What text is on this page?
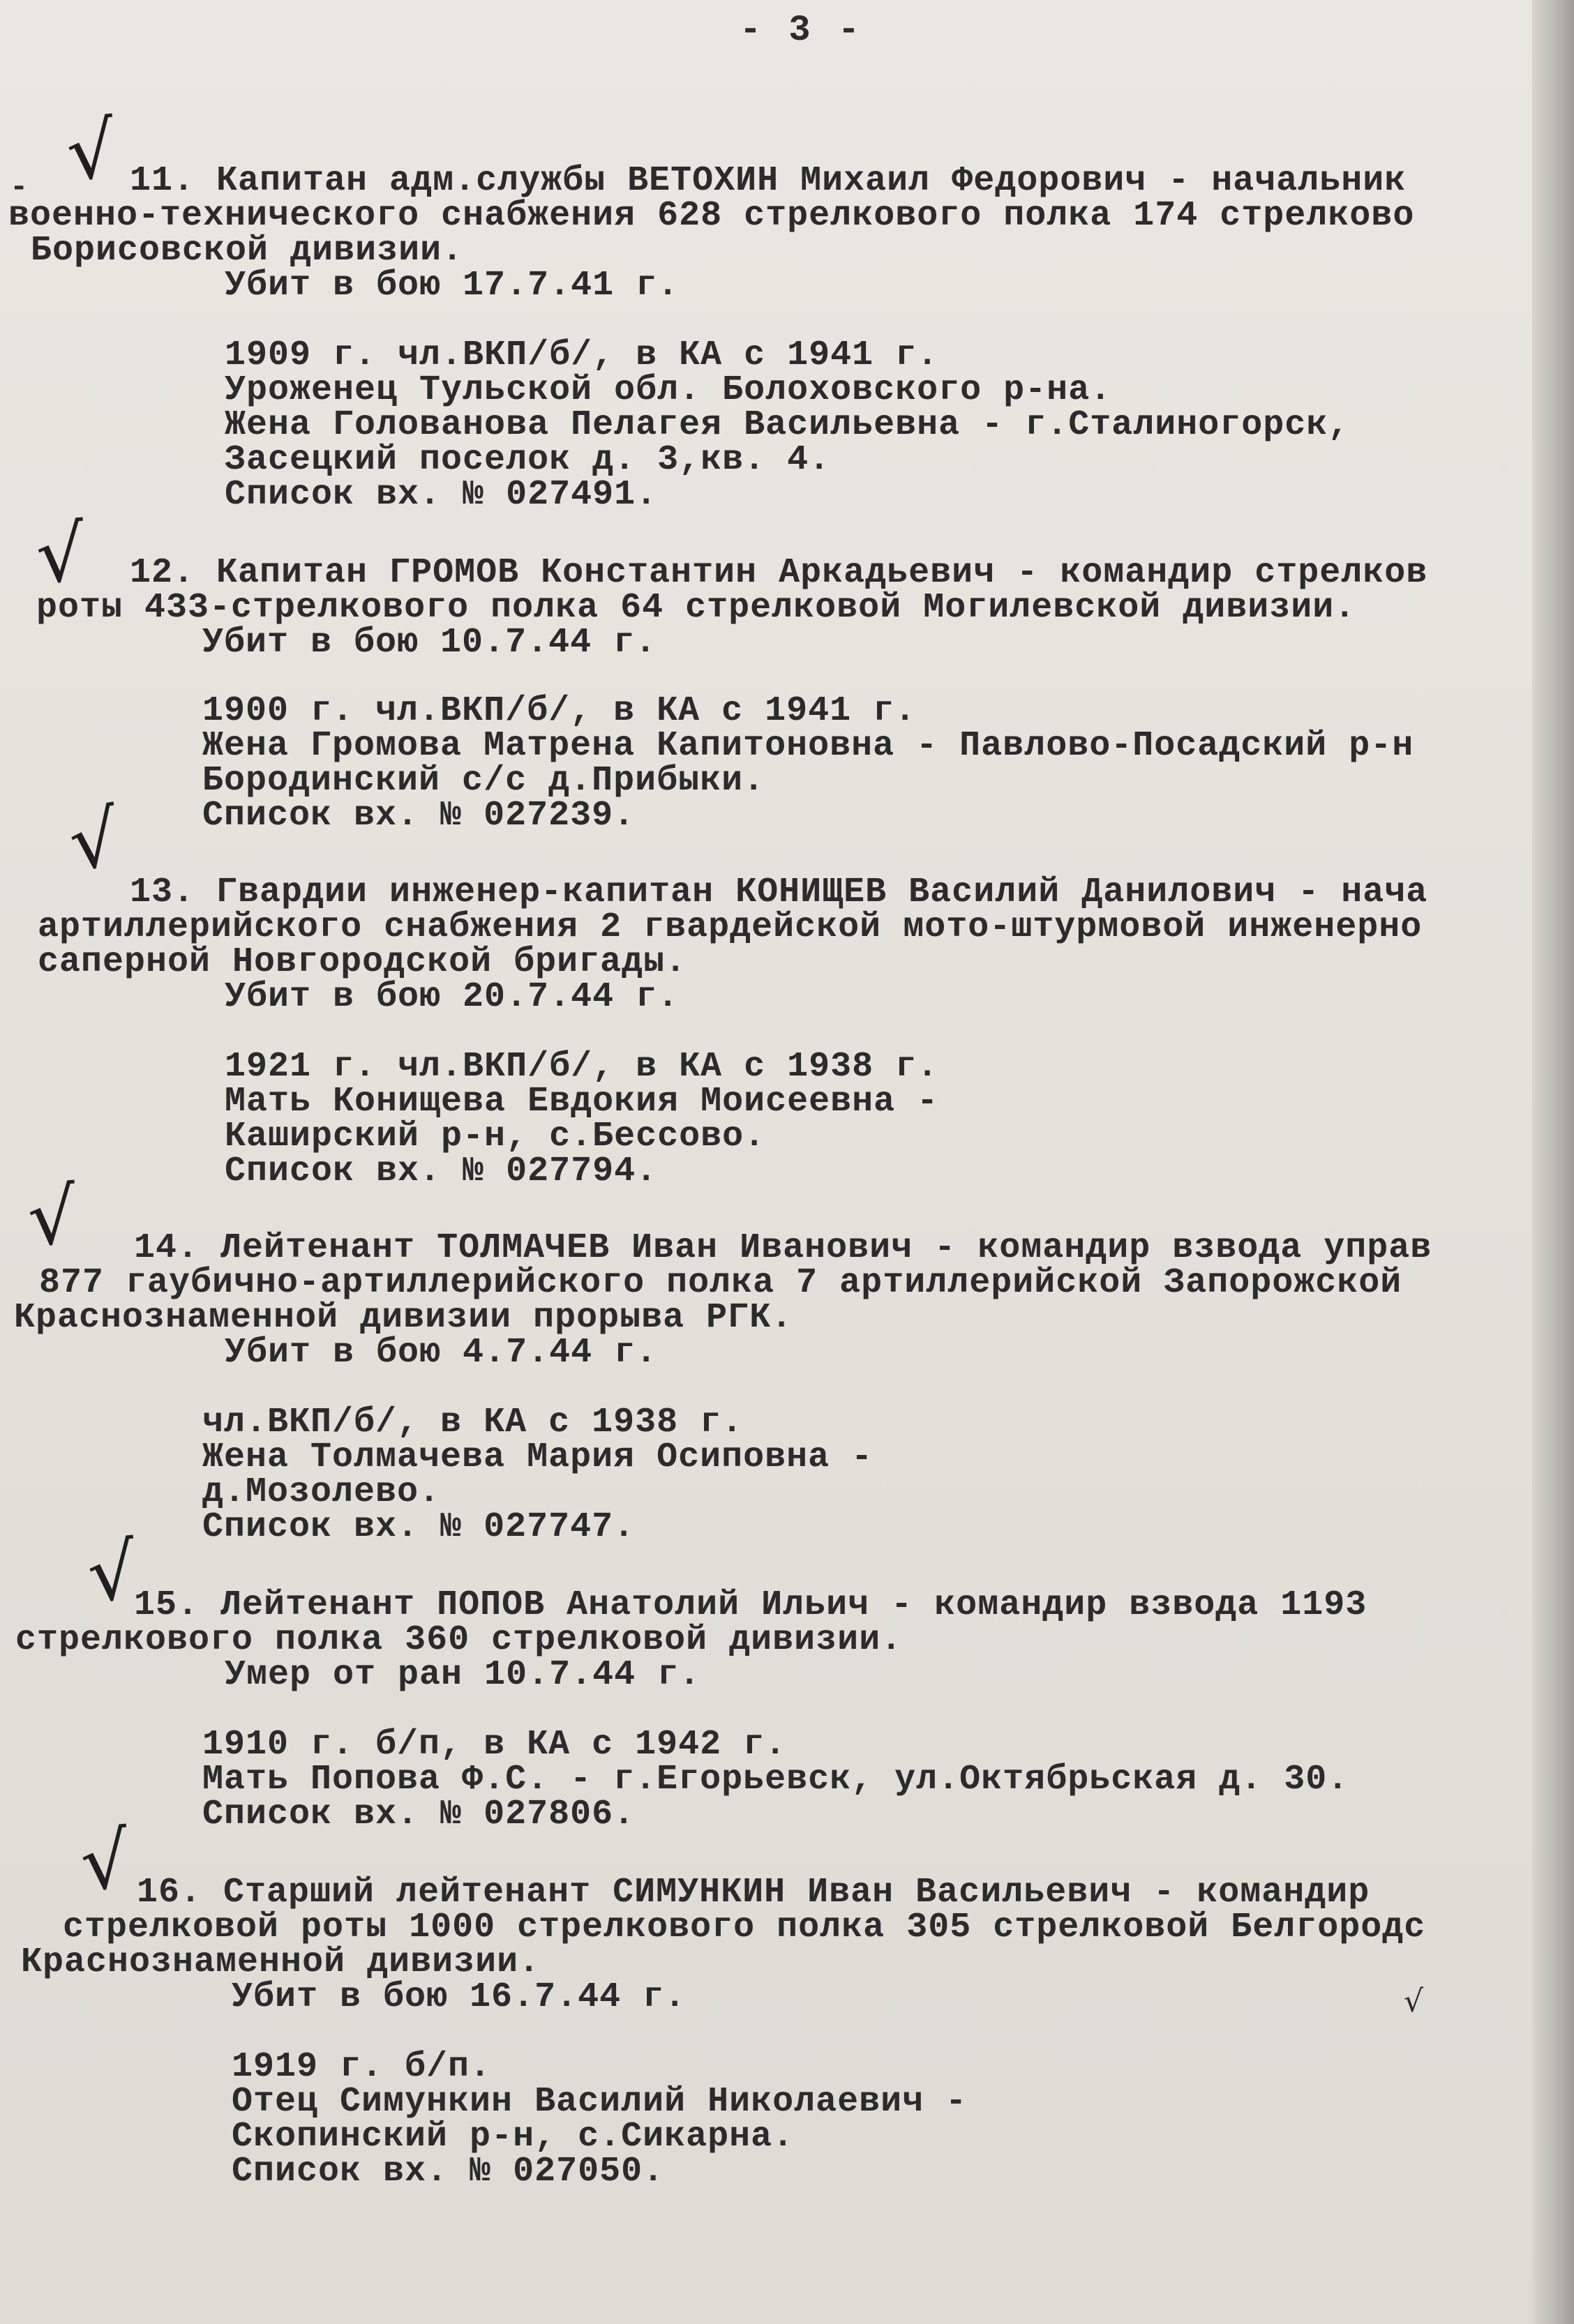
- 3 -
- √ 11. Капитан адм.службы ВЕТОХИН Михаил Федорович - начальник
военно-технического снабжения 628 стрелкового полка 174 стрелково
Борисовской дивизии.
Убит в бою 17.7.41 г.
1909 г. чл.ВКП/б/, в КА с 1941 г.
Уроженец Тульской обл. Болоховского р-на.
Жена Голованова Пелагея Васильевна - г.Сталиногорск,
Засецкий поселок д. 3,кв. 4.
Список вх. № 027491.
√ 12. Капитан ГРОМОВ Константин Аркадьевич - командир стрелков
роты 433-стрелкового полка 64 стрелковой Могилевской дивизии.
Убит в бою 10.7.44 г.
1900 г. чл.ВКП/б/, в КА с 1941 г.
Жена Громова Матрена Капитоновна - Павлово-Посадский р-н
Бородинский с/с д.Прибыки.
Список вх. № 027239.
√
13. Гвардии инженер-капитан КОНИЩЕВ Василий Данилович - нача
артиллерийского снабжения 2 гвардейской мото-штурмовой инженерно
саперной Новгородской бригады.
Убит в бою 20.7.44 г.
1921 г. чл.ВКП/б/, в КА с 1938 г.
Мать Конищева Евдокия Моисеевна -
Каширский р-н, с.Бессово.
Список вх. № 027794.
√ 14. Лейтенант ТОЛМАЧЕВ Иван Иванович - командир взвода управ
877 гаубично-артиллерийского полка 7 артиллерийской Запорожской
Краснознаменной дивизии прорыва РГК.
Убит в бою 4.7.44 г.
чл.ВКП/б/, в КА с 1938 г.
Жена Толмачева Мария Осиповна -
д.Мозолево.
Список вх. № 027747.
√
15. Лейтенант ПОПОВ Анатолий Ильич - командир взвода 1193
стрелкового полка 360 стрелковой дивизии.
Умер от ран 10.7.44 г.
1910 г. б/п, в КА с 1942 г.
Мать Попова Ф.С. - г.Егорьевск, ул.Октябрьская д. 30.
Список вх. № 027806.
√ 16. Старший лейтенант СИМУНКИН Иван Васильевич - командир
стрелковой роты 1000 стрелкового полка 305 стрелковой Белгородс
Краснознаменной дивизии.
Убит в бою 16.7.44 г.
1919 г. б/п.
Отец Симункин Василий Николаевич -
Скопинский р-н, с.Сикарна.
Список вх. № 027050.
√
